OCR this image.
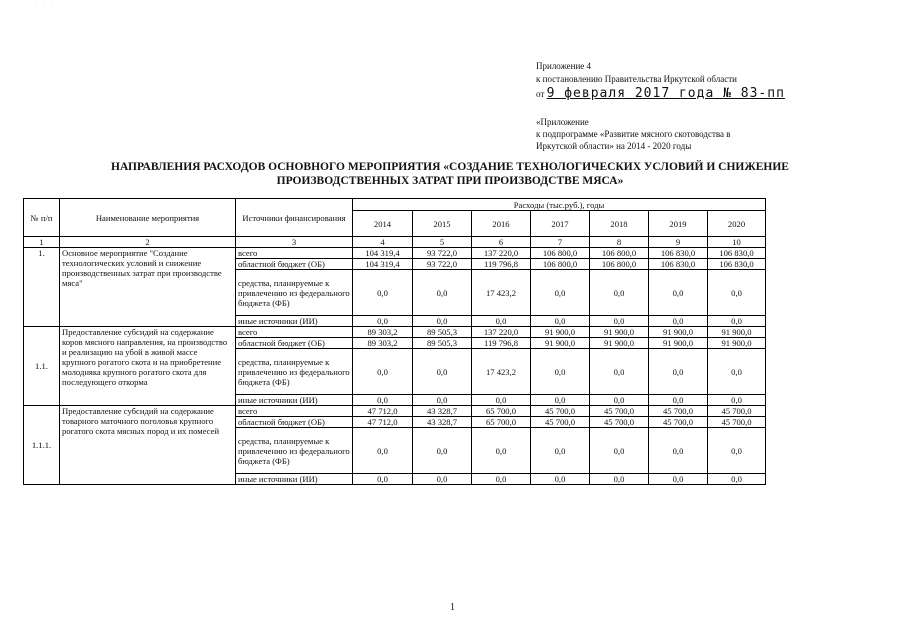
· · · · ·
Приложение 4
к постановлению Правительства Иркутской области
от 9 февраля 2017 года № 83-пп
«Приложение
к подпрограмме «Развитие мясного скотоводства в
Иркутской области» на 2014 - 2020 годы
НАПРАВЛЕНИЯ РАСХОДОВ ОСНОВНОГО МЕРОПРИЯТИЯ «СОЗДАНИЕ ТЕХНОЛОГИЧЕСКИХ УСЛОВИЙ И СНИЖЕНИЕ
ПРОИЗВОДСТВЕННЫХ ЗАТРАТ ПРИ ПРОИЗВОДСТВЕ МЯСА»
№ п/п	Наименование мероприятия	Источники финансирования	Расходы (тыс.руб.), годы						
			2014	2015	2016	2017	2018	2019	2020
1	2	3	4	5	6	7	8	9	10
1.	Основное мероприятие "Создание технологических условий и снижение производственных затрат при производстве мяса"	всего	104 319,4	93 722,0	137 220,0	106 800,0	106 800,0	106 830,0	106 830,0
		областной бюджет (ОБ)	104 319,4	93 722,0	119 796,8	106 800,0	106 800,0	106 830,0	106 830,0
		средства, планируемые к привлечению из федерального бюджета (ФБ)	0,0	0,0	17 423,2	0,0	0,0	0,0	0,0
		иные источники (ИИ)	0,0	0,0	0,0	0,0	0,0	0,0	0,0
1.1.	Предоставление субсидий на содержание коров мясного направления, на производство и реализацию на убой в живой массе крупного рогатого скота и на приобретение молодняка крупного рогатого скота для последующего откорма	всего	89 303,2	89 505,3	137 220,0	91 900,0	91 900,0	91 900,0	91 900,0
		областной бюджет (ОБ)	89 303,2	89 505,3	119 796,8	91 900,0	91 900,0	91 900,0	91 900,0
		средства, планируемые к привлечению из федерального бюджета (ФБ)	0,0	0,0	17 423,2	0,0	0,0	0,0	0,0
		иные источники (ИИ)	0,0	0,0	0,0	0,0	0,0	0,0	0,0
1.1.1.	Предоставление субсидий на содержание товарного маточного поголовья крупного рогатого скота мясных пород и их помесей	всего	47 712,0	43 328,7	65 700,0	45 700,0	45 700,0	45 700,0	45 700,0
		областной бюджет (ОБ)	47 712,0	43 328,7	65 700,0	45 700,0	45 700,0	45 700,0	45 700,0
		средства, планируемые к привлечению из федерального бюджета (ФБ)	0,0	0,0	0,0	0,0	0,0	0,0	0,0
		иные источники (ИИ)	0,0	0,0	0,0	0,0	0,0	0,0	0,0
1
